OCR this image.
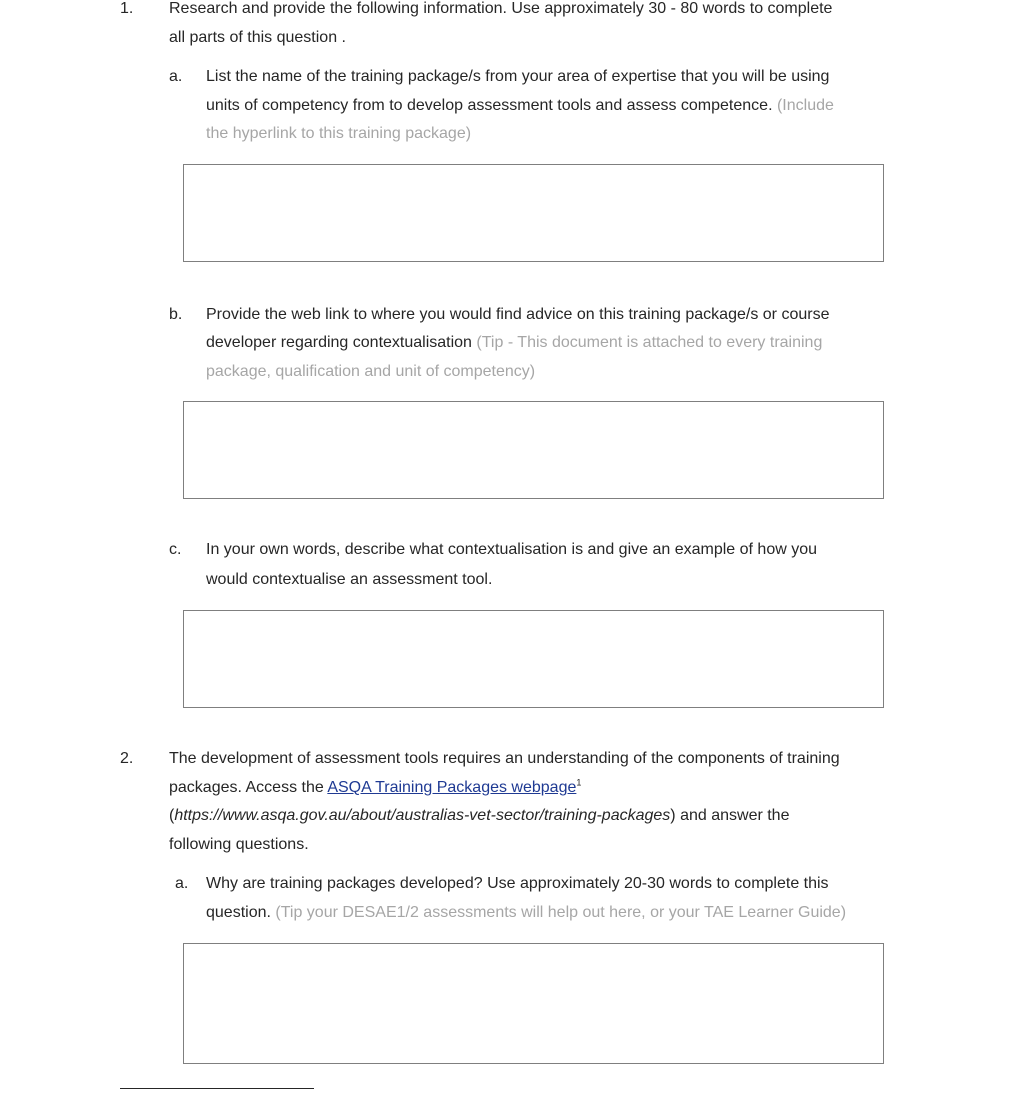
1. Research and provide the following information. Use approximately 30 - 80 words to complete
all parts of this question .
a. List the name of the training package/s from your area of expertise that you will be using
units of competency from to develop assessment tools and assess competence. (Include
the hyperlink to this training package)
b. Provide the web link to where you would find advice on this training package/s or course
developer regarding contextualisation (Tip - This document is attached to every training
package, qualification and unit of competency)
c. In your own words, describe what contextualisation is and give an example of how you
would contextualise an assessment tool.
2. The development of assessment tools requires an understanding of the components of training
packages. Access the ASQA Training Packages webpage$^1$
(https://www.asqa.gov.au/about/australias-vet-sector/training-packages) and answer the
following questions.
a. Why are training packages developed? Use approximately 20-30 words to complete this
question. (Tip your DESAE1/2 assessments will help out here, or your TAE Learner Guide)
